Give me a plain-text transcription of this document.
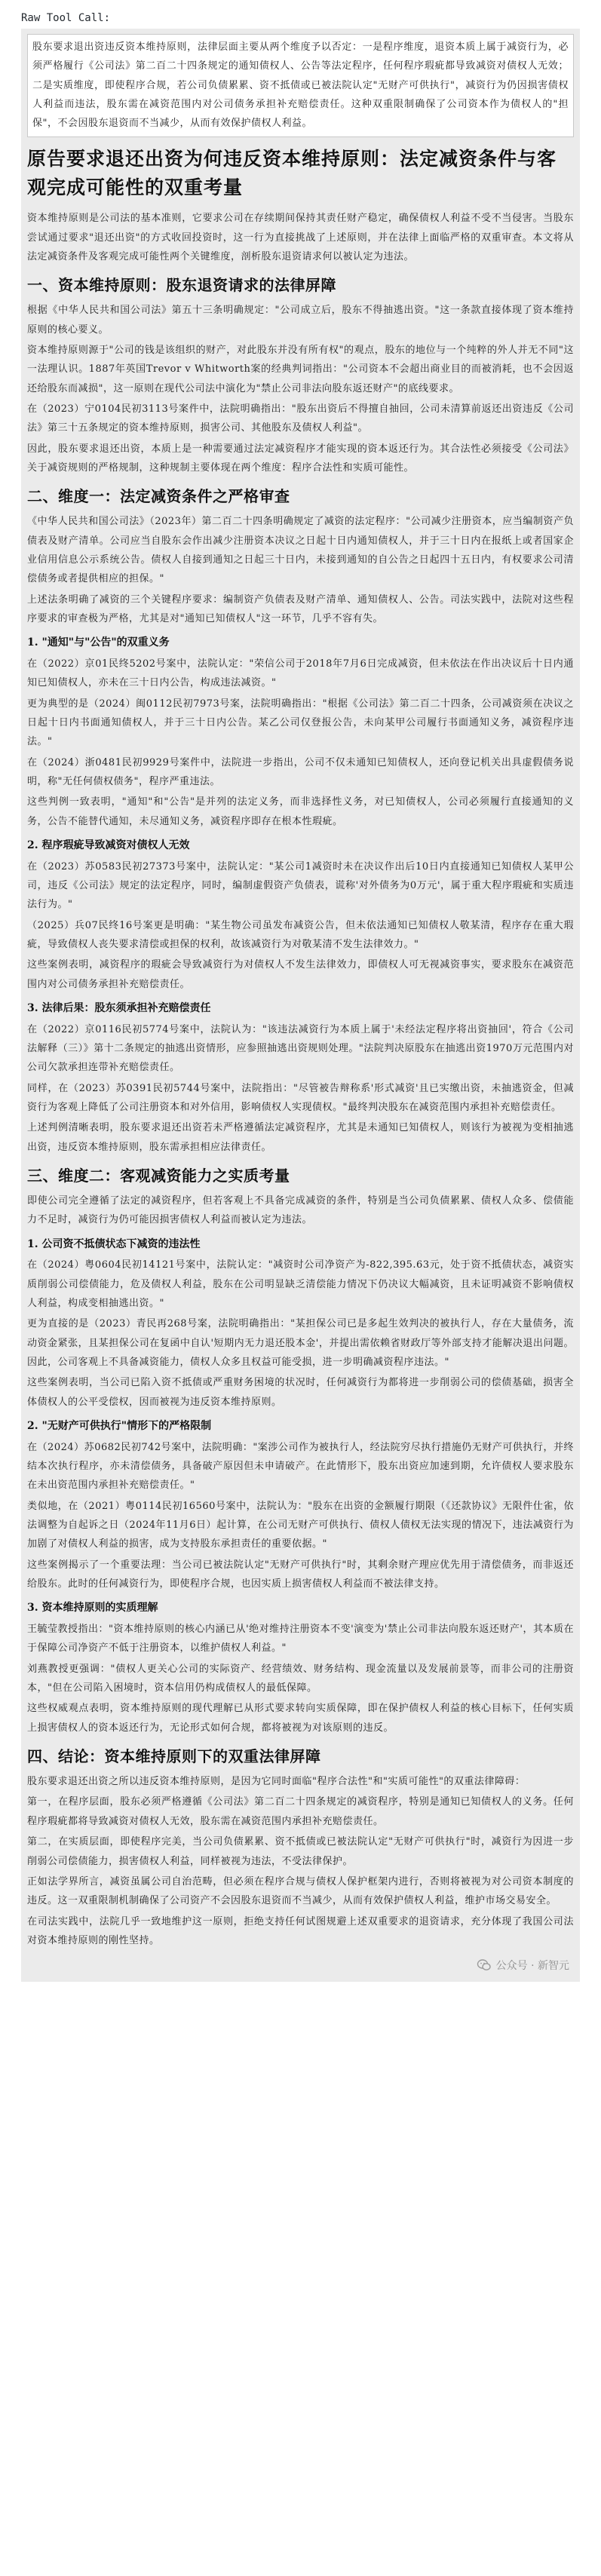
Raw Tool Call:

股东要求退出资违反资本维持原则，法律层面主要从两个维度予以否定：一是程序维度，退资本质上属于减资行为，必须严格履行《公司法》第二百二十四条规定的通知债权人、公告等法定程序，任何程序瑕疵都导致减资对债权人无效；二是实质维度，即使程序合规，若公司负债累累、资不抵债或已被法院认定"无财产可供执行"，减资行为仍因损害债权人利益而违法，股东需在减资范围内对公司债务承担补充赔偿责任。这种双重限制确保了公司资本作为债权人的"担保"，不会因股东退资而不当减少，从而有效保护债权人利益。

原告要求退还出资为何违反资本维持原则：法定减资条件与客观完成可能性的双重考量

资本维持原则是公司法的基本准则，它要求公司在存续期间保持其责任财产稳定，确保债权人利益不受不当侵害。当股东尝试通过要求"退还出资"的方式收回投资时，这一行为直接挑战了上述原则，并在法律上面临严格的双重审查。本文将从法定减资条件及客观完成可能性两个关键维度，剖析股东退资请求何以被认定为违法。

一、资本维持原则：股东退资请求的法律屏障

根据《中华人民共和国公司法》第五十三条明确规定："公司成立后，股东不得抽逃出资。"这一条款直接体现了资本维持原则的核心要义。

资本维持原则源于"公司的钱是该组织的财产，对此股东并没有所有权"的观点，股东的地位与一个纯粹的外人并无不同"这一法理认识。1887年英国Trevor v Whitworth案的经典判词指出："公司资本不会超出商业目的而被消耗，也不会因返还给股东而减损"，这一原则在现代公司法中演化为"禁止公司非法向股东返还财产"的底线要求。

在（2023）宁0104民初3113号案件中，法院明确指出："股东出资后不得擅自抽回，公司未清算前返还出资违反《公司法》第三十五条规定的资本维持原则，损害公司、其他股东及债权人利益"。

因此，股东要求退还出资，本质上是一种需要通过法定减资程序才能实现的资本返还行为。其合法性必须接受《公司法》关于减资规则的严格规制，这种规制主要体现在两个维度：程序合法性和实质可能性。

二、维度一：法定减资条件之严格审查

《中华人民共和国公司法》（2023年）第二百二十四条明确规定了减资的法定程序："公司减少注册资本，应当编制资产负债表及财产清单。公司应当自股东会作出减少注册资本决议之日起十日内通知债权人，并于三十日内在报纸上或者国家企业信用信息公示系统公告。债权人自接到通知之日起三十日内，未接到通知的自公告之日起四十五日内，有权要求公司清偿债务或者提供相应的担保。"

上述法条明确了减资的三个关键程序要求：编制资产负债表及财产清单、通知债权人、公告。司法实践中，法院对这些程序要求的审查极为严格，尤其是对"通知已知债权人"这一环节，几乎不容有失。

1. "通知"与"公告"的双重义务

在（2022）京01民终5202号案中，法院认定："荣信公司于2018年7月6日完成减资，但未依法在作出决议后十日内通知已知债权人，亦未在三十日内公告，构成违法减资。"

更为典型的是（2024）闽0112民初7973号案，法院明确指出："根据《公司法》第二百二十四条，公司减资须在决议之日起十日内书面通知债权人，并于三十日内公告。某乙公司仅登报公告，未向某甲公司履行书面通知义务，减资程序违法。"

在（2024）浙0481民初9929号案件中，法院进一步指出，公司不仅未通知已知债权人，还向登记机关出具虚假债务说明，称"无任何债权债务"，程序严重违法。

这些判例一致表明，"通知"和"公告"是并列的法定义务，而非选择性义务，对已知债权人，公司必须履行直接通知的义务，公告不能替代通知，未尽通知义务，减资程序即存在根本性瑕疵。

2. 程序瑕疵导致减资对债权人无效

在（2023）苏0583民初27373号案中，法院认定："某公司1减资时未在决议作出后10日内直接通知已知债权人某甲公司，违反《公司法》规定的法定程序，同时，编制虚假资产负债表，谎称'对外债务为0万元'，属于重大程序瑕疵和实质违法行为。"

（2025）兵07民终16号案更是明确："某生物公司虽发布减资公告，但未依法通知已知债权人敬某清，程序存在重大瑕疵，导致债权人丧失要求清偿或担保的权利，故该减资行为对敬某清不发生法律效力。"

这些案例表明，减资程序的瑕疵会导致减资行为对债权人不发生法律效力，即债权人可无视减资事实，要求股东在减资范围内对公司债务承担补充赔偿责任。

3. 法律后果：股东须承担补充赔偿责任

在（2022）京0116民初5774号案中，法院认为："该违法减资行为本质上属于'未经法定程序将出资抽回'，符合《公司法解释（三）》第十二条规定的抽逃出资情形，应参照抽逃出资规则处理。"法院判决原股东在抽逃出资1970万元范围内对公司欠款承担连带补充赔偿责任。

同样，在（2023）苏0391民初5744号案中，法院指出："尽管被告辩称系'形式减资'且已实缴出资，未抽逃资金，但减资行为客观上降低了公司注册资本和对外信用，影响债权人实现债权。"最终判决股东在减资范围内承担补充赔偿责任。

上述判例清晰表明，股东要求退还出资若未严格遵循法定减资程序，尤其是未通知已知债权人，则该行为被视为变相抽逃出资，违反资本维持原则，股东需承担相应法律责任。

三、维度二：客观减资能力之实质考量

即使公司完全遵循了法定的减资程序，但若客观上不具备完成减资的条件，特别是当公司负债累累、债权人众多、偿债能力不足时，减资行为仍可能因损害债权人利益而被认定为违法。

1. 公司资不抵债状态下减资的违法性

在（2024）粤0604民初14121号案中，法院认定："减资时公司净资产为-822,395.63元，处于资不抵债状态，减资实质削弱公司偿债能力，危及债权人利益，股东在公司明显缺乏清偿能力情况下仍决议大幅减资，且未证明减资不影响债权人利益，构成变相抽逃出资。"

更为直接的是（2023）青民再268号案，法院明确指出："某担保公司已是多起生效判决的被执行人，存在大量债务，流动资金紧张，且某担保公司在复函中自认'短期内无力退还股本金'，并提出需依赖省财政厅等外部支持才能解决退出问题。因此，公司客观上不具备减资能力，债权人众多且权益可能受损，进一步明确减资程序违法。"

这些案例表明，当公司已陷入资不抵债或严重财务困境的状况时，任何减资行为都将进一步削弱公司的偿债基础，损害全体债权人的公平受偿权，因而被视为违反资本维持原则。

2. "无财产可供执行"情形下的严格限制

在（2024）苏0682民初742号案中，法院明确："案涉公司作为被执行人，经法院穷尽执行措施仍无财产可供执行，并终结本次执行程序，亦未清偿债务，具备破产原因但未申请破产。在此情形下，股东出资应加速到期，允许债权人要求股东在未出资范围内承担补充赔偿责任。"

类似地，在（2021）粤0114民初16560号案中，法院认为："股东在出资的金额履行期限（《还款协议》无限件仕雀，依法调整为自起诉之日（2024年11月6日）起计算，在公司无财产可供执行、债权人债权无法实现的情况下，违法减资行为加剧了对债权人利益的损害，成为支持股东承担责任的重要依据。"

这些案例揭示了一个重要法理：当公司已被法院认定"无财产可供执行"时，其剩余财产理应优先用于清偿债务，而非返还给股东。此时的任何减资行为，即使程序合规，也因实质上损害债权人利益而不被法律支持。

3. 资本维持原则的实质理解

王毓莹教授指出："资本维持原则的核心内涵已从'绝对维持注册资本不变'演变为'禁止公司非法向股东返还财产'，其本质在于保障公司净资产不低于注册资本，以维护债权人利益。"

刘燕教授更强调："债权人更关心公司的实际资产、经营绩效、财务结构、现金流量以及发展前景等，而非公司的注册资本，"但在公司陷入困境时，资本信用仍构成债权人的最低保障。

这些权威观点表明，资本维持原则的现代理解已从形式要求转向实质保障，即在保护债权人利益的核心目标下，任何实质上损害债权人的资本返还行为，无论形式如何合规，都将被视为对该原则的违反。

四、结论：资本维持原则下的双重法律屏障

股东要求退还出资之所以违反资本维持原则，是因为它同时面临"程序合法性"和"实质可能性"的双重法律障碍：

第一，在程序层面，股东必须严格遵循《公司法》第二百二十四条规定的减资程序，特别是通知已知债权人的义务。任何程序瑕疵都将导致减资对债权人无效，股东需在减资范围内承担补充赔偿责任。

第二，在实质层面，即使程序完美，当公司负债累累、资不抵债或已被法院认定"无财产可供执行"时，减资行为因进一步削弱公司偿债能力，损害债权人利益，同样被视为违法，不受法律保护。

正如法学界所言，减资虽属公司自治范畴，但必须在程序合规与债权人保护框架内进行，否则将被视为对公司资本制度的违反。这一双重限制机制确保了公司资产不会因股东退资而不当减少，从而有效保护债权人利益，维护市场交易安全。

在司法实践中，法院几乎一致地维护这一原则，拒绝支持任何试图规避上述双重要求的退资请求，充分体现了我国公司法对资本维持原则的刚性坚持。

公众号 · 新智元
